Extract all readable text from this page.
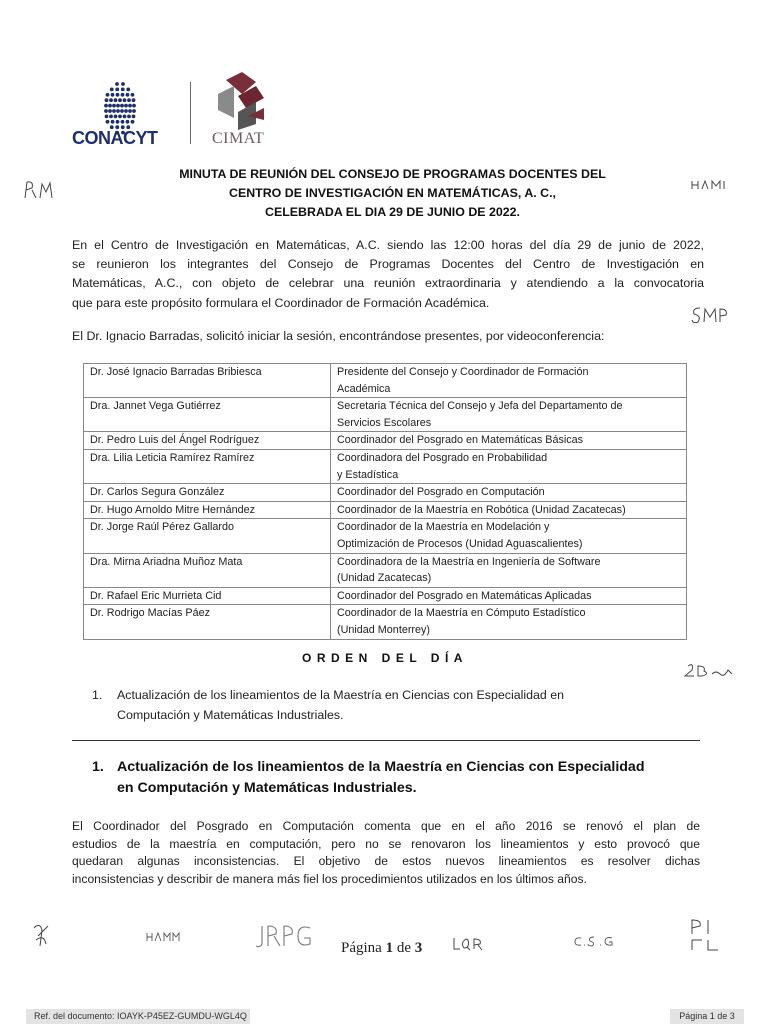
CONACYT	CIMAT
MINUTA DE REUNIÓN DEL CONSEJO DE PROGRAMAS DOCENTES DEL
CENTRO DE INVESTIGACIÓN EN MATEMÁTICAS, A. C.,
CELEBRADA EL DIA 29 DE JUNIO DE 2022.
En el Centro de Investigación en Matemáticas, A.C. siendo las 12:00 horas del día 29 de junio de 2022,
se reunieron los integrantes del Consejo de Programas Docentes del Centro de Investigación en
Matemáticas, A.C., con objeto de celebrar una reunión extraordinaria y atendiendo a la convocatoria
que para este propósito formulara el Coordinador de Formación Académica.
El Dr. Ignacio Barradas, solicitó iniciar la sesión, encontrándose presentes, por videoconferencia:
Dr. José Ignacio Barradas Bribiesca	Presidente del Consejo y Coordinador de Formación
Académica

Dra. Jannet Vega Gutiérrez	Secretaria Técnica del Consejo y Jefa del Departamento de
Servicios Escolares

Dr. Pedro Luis del Ángel Rodríguez	Coordinador del Posgrado en Matemáticas Básicas

Dra. Lilia Leticia Ramírez Ramírez	Coordinadora del Posgrado en Probabilidad
y Estadística

Dr. Carlos Segura González	Coordinador del Posgrado en Computación

Dr. Hugo Arnoldo Mitre Hernández	Coordinador de la Maestría en Robótica (Unidad Zacatecas)

Dr. Jorge Raúl Pérez Gallardo	Coordinador de la Maestría en Modelación y
Optimización de Procesos (Unidad Aguascalientes)

Dra. Mirna Ariadna Muñoz Mata	Coordinadora de la Maestría en Ingeniería de Software
(Unidad Zacatecas)

Dr. Rafael Eric Murrieta Cid	Coordinador del Posgrado en Matemáticas Aplicadas

Dr. Rodrigo Macías Páez	Coordinador de la Maestría en Cómputo Estadístico
(Unidad Monterrey)
ORDEN DEL DÍA
1. Actualización de los lineamientos de la Maestría en Ciencias con Especialidad en
Computación y Matemáticas Industriales.
1. Actualización de los lineamientos de la Maestría en Ciencias con Especialidad
en Computación y Matemáticas Industriales.
El Coordinador del Posgrado en Computación comenta que en el año 2016 se renovó el plan de
estudios de la maestría en computación, pero no se renovaron los lineamientos y esto provocó que
quedaran algunas inconsistencias. El objetivo de estos nuevos lineamientos es resolver dichas
inconsistencias y describir de manera más fiel los procedimientos utilizados en los últimos años.
Página 1 de 3
Ref. del documento: IOAYK-P45EZ-GUMDU-WGL4Q	Página 1 de 3
